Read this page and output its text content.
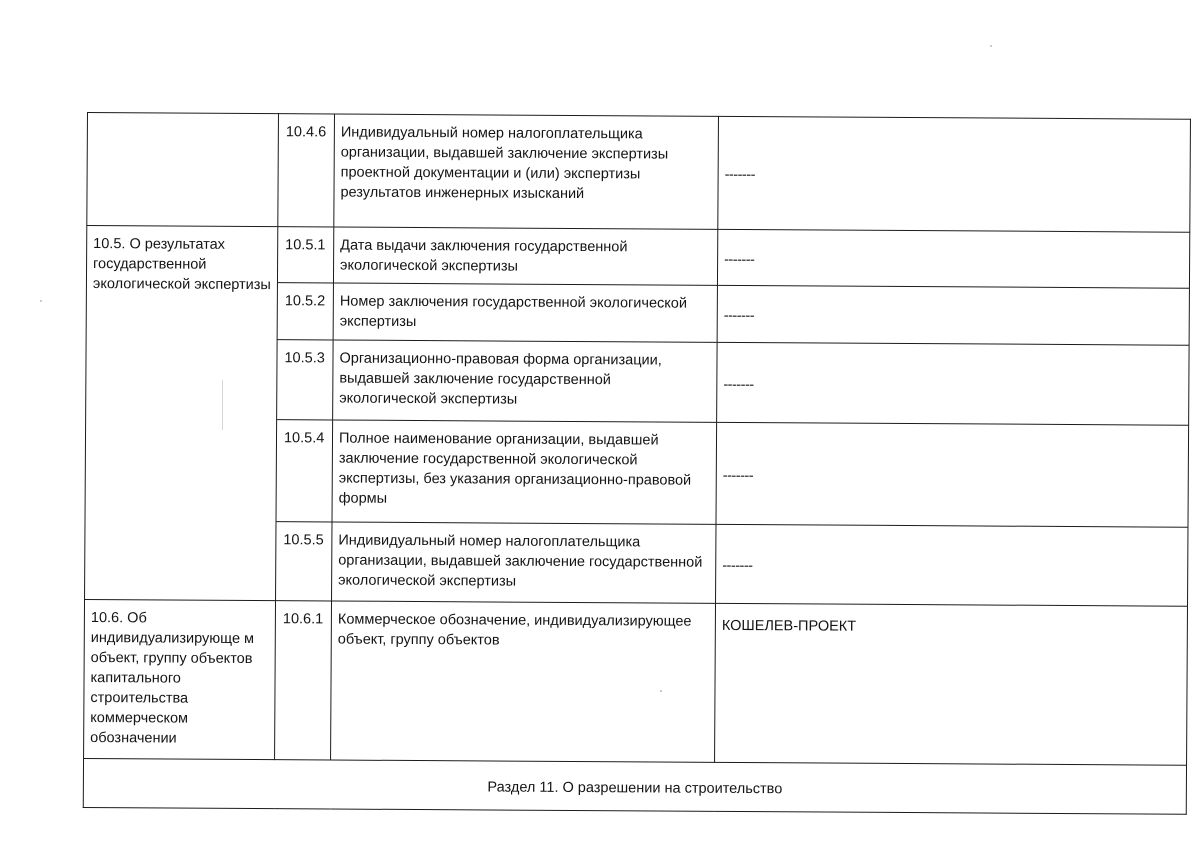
	10.4.6	Индивидуальный номер налогоплательщика организации, выдавшей заключение экспертизы проектной документации и (или) экспертизы результатов инженерных изысканий	-------

10.5. О результатах государственной экологической экспертизы	10.5.1	Дата выдачи заключения государственной экологической экспертизы	-------
	10.5.2	Номер заключения государственной экологической экспертизы	-------
	10.5.3	Организационно-правовая форма организации, выдавшей заключение государственной экологической экспертизы	-------
	10.5.4	Полное наименование организации, выдавшей заключение государственной экологической экспертизы, без указания организационно-правовой формы	-------
	10.5.5	Индивидуальный номер налогоплательщика организации, выдавшей заключение государственной экологической экспертизы	-------

10.6. Об индивидуализирующе м объект, группу объектов капитального строительства коммерческом обозначении	10.6.1	Коммерческое обозначение, индивидуализирующее объект, группу объектов	КОШЕЛЕВ-ПРОЕКТ
Раздел 11. О разрешении на строительство			
